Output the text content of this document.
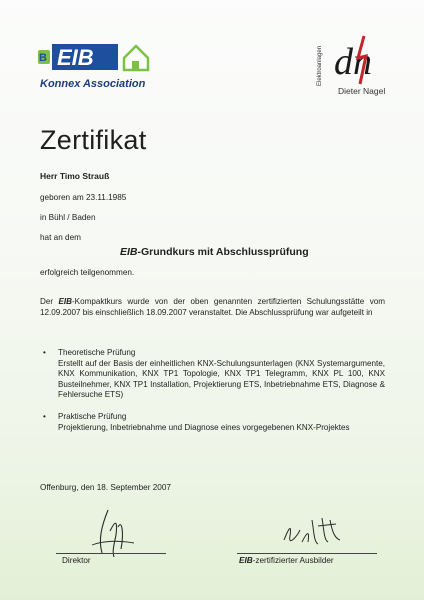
B EIB
Konnex Association	Elektroanlagen dn
Dieter Nagel
Zertifikat
Herr Timo Strauß
geboren am 23.11.1985
in Bühl / Baden
hat an dem
EIB-Grundkurs mit Abschlussprüfung
erfolgreich teilgenommen.
Der EIB-Kompaktkurs wurde von der oben genannten zertifizierten Schulungsstätte vom 12.09.2007 bis einschließlich 18.09.2007 veranstaltet. Die Abschlussprüfung war aufgeteilt in
• Theoretische Prüfung
Erstellt auf der Basis der einheitlichen KNX-Schulungsunterlagen (KNX Systemargumente, KNX Kommunikation, KNX TP1 Topologie, KNX TP1 Telegramm, KNX PL 100, KNX Busteilnehmer, KNX TP1 Installation, Projektierung ETS, Inbetriebnahme ETS, Diagnose & Fehlersuche ETS)
• Praktische Prüfung
Projektierung, Inbetriebnahme und Diagnose eines vorgegebenen KNX-Projektes
Offenburg, den 18. September 2007
Direktor	EIB-zertifizierter Ausbilder
